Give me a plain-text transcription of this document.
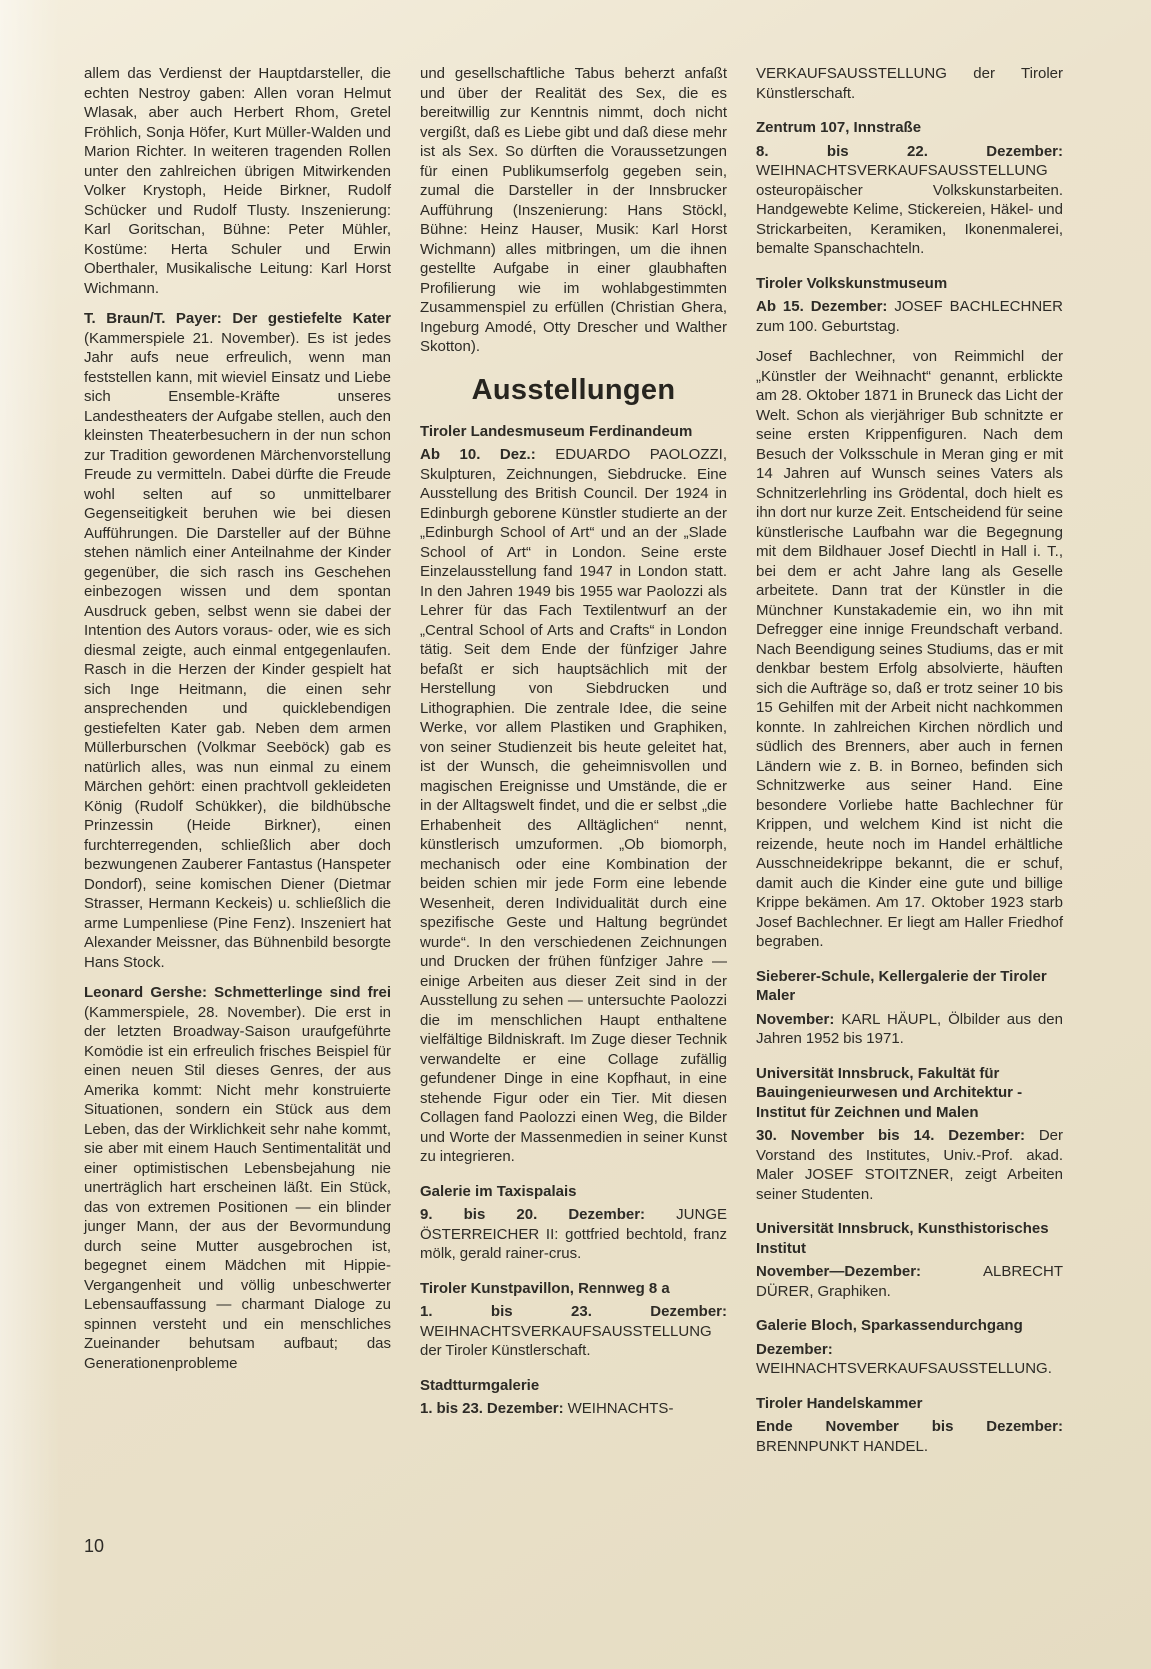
allem das Verdienst der Hauptdarsteller, die echten Nestroy gaben: Allen voran Helmut Wlasak, aber auch Herbert Rhom, Gretel Fröhlich, Sonja Höfer, Kurt Müller-Walden und Marion Richter. In weiteren tragenden Rollen unter den zahlreichen übrigen Mitwirkenden Volker Krystoph, Heide Birkner, Rudolf Schücker und Rudolf Tlusty. Inszenierung: Karl Goritschan, Bühne: Peter Mühler, Kostüme: Herta Schuler und Erwin Oberthaler, Musikalische Leitung: Karl Horst Wichmann.

T. Braun/T. Payer: Der gestiefelte Kater (Kammerspiele 21. November). Es ist jedes Jahr aufs neue erfreulich, wenn man feststellen kann, mit wieviel Einsatz und Liebe sich Ensemble-Kräfte unseres Landestheaters der Aufgabe stellen, auch den kleinsten Theaterbesuchern in der nun schon zur Tradition gewordenen Märchenvorstellung Freude zu vermitteln. Dabei dürfte die Freude wohl selten auf so unmittelbarer Gegenseitigkeit beruhen wie bei diesen Aufführungen. Die Darsteller auf der Bühne stehen nämlich einer Anteilnahme der Kinder gegenüber, die sich rasch ins Geschehen einbezogen wissen und dem spontan Ausdruck geben, selbst wenn sie dabei der Intention des Autors voraus- oder, wie es sich diesmal zeigte, auch einmal entgegenlaufen. Rasch in die Herzen der Kinder gespielt hat sich Inge Heitmann, die einen sehr ansprechenden und quicklebendigen gestiefelten Kater gab. Neben dem armen Müllerburschen (Volkmar Seeböck) gab es natürlich alles, was nun einmal zu einem Märchen gehört: einen prachtvoll gekleideten König (Rudolf Schükker), die bildhübsche Prinzessin (Heide Birkner), einen furchterregenden, schließlich aber doch bezwungenen Zauberer Fantastus (Hanspeter Dondorf), seine komischen Diener (Dietmar Strasser, Hermann Keckeis) u. schließlich die arme Lumpenliese (Pine Fenz). Inszeniert hat Alexander Meissner, das Bühnenbild besorgte Hans Stock.

Leonard Gershe: Schmetterlinge sind frei (Kammerspiele, 28. November). Die erst in der letzten Broadway-Saison uraufgeführte Komödie ist ein erfreulich frisches Beispiel für einen neuen Stil dieses Genres, der aus Amerika kommt: Nicht mehr konstruierte Situationen, sondern ein Stück aus dem Leben, das der Wirklichkeit sehr nahe kommt, sie aber mit einem Hauch Sentimentalität und einer optimistischen Lebensbejahung nie unerträglich hart erscheinen läßt. Ein Stück, das von extremen Positionen — ein blinder junger Mann, der aus der Bevormundung durch seine Mutter ausgebrochen ist, begegnet einem Mädchen mit Hippie-Vergangenheit und völlig unbeschwerter Lebensauffassung — charmant Dialoge zu spinnen versteht und ein menschliches Zueinander behutsam aufbaut; das Generationenprobleme

und gesellschaftliche Tabus beherzt anfaßt und über der Realität des Sex, die es bereitwillig zur Kenntnis nimmt, doch nicht vergißt, daß es Liebe gibt und daß diese mehr ist als Sex. So dürften die Voraussetzungen für einen Publikumserfolg gegeben sein, zumal die Darsteller in der Innsbrucker Aufführung (Inszenierung: Hans Stöckl, Bühne: Heinz Hauser, Musik: Karl Horst Wichmann) alles mitbringen, um die ihnen gestellte Aufgabe in einer glaubhaften Profilierung wie im wohlabgestimmten Zusammenspiel zu erfüllen (Christian Ghera, Ingeburg Amodé, Otty Drescher und Walther Skotton).

Ausstellungen

Tiroler Landesmuseum Ferdinandeum

Ab 10. Dez.: EDUARDO PAOLOZZI, Skulpturen, Zeichnungen, Siebdrucke. Eine Ausstellung des British Council. Der 1924 in Edinburgh geborene Künstler studierte an der „Edinburgh School of Art“ und an der „Slade School of Art“ in London. Seine erste Einzelausstellung fand 1947 in London statt. In den Jahren 1949 bis 1955 war Paolozzi als Lehrer für das Fach Textilentwurf an der „Central School of Arts and Crafts“ in London tätig. Seit dem Ende der fünfziger Jahre befaßt er sich hauptsächlich mit der Herstellung von Siebdrucken und Lithographien. Die zentrale Idee, die seine Werke, vor allem Plastiken und Graphiken, von seiner Studienzeit bis heute geleitet hat, ist der Wunsch, die geheimnisvollen und magischen Ereignisse und Umstände, die er in der Alltagswelt findet, und die er selbst „die Erhabenheit des Alltäglichen“ nennt, künstlerisch umzuformen. „Ob biomorph, mechanisch oder eine Kombination der beiden schien mir jede Form eine lebende Wesenheit, deren Individualität durch eine spezifische Geste und Haltung begründet wurde“. In den verschiedenen Zeichnungen und Drucken der frühen fünfziger Jahre — einige Arbeiten aus dieser Zeit sind in der Ausstellung zu sehen — untersuchte Paolozzi die im menschlichen Haupt enthaltene vielfältige Bildniskraft. Im Zuge dieser Technik verwandelte er eine Collage zufällig gefundener Dinge in eine Kopfhaut, in eine stehende Figur oder ein Tier. Mit diesen Collagen fand Paolozzi einen Weg, die Bilder und Worte der Massenmedien in seiner Kunst zu integrieren.

Galerie im Taxispalais

9. bis 20. Dezember: JUNGE ÖSTERREICHER II: gottfried bechtold, franz mölk, gerald rainer-crus.

Tiroler Kunstpavillon, Rennweg 8 a

1. bis 23. Dezember: WEIHNACHTSVERKAUFSAUSSTELLUNG der Tiroler Künstlerschaft.

Stadtturmgalerie

1. bis 23. Dezember: WEIHNACHTS-

VERKAUFSAUSSTELLUNG der Tiroler Künstlerschaft.

Zentrum 107, Innstraße

8. bis 22. Dezember: WEIHNACHTSVERKAUFSAUSSTELLUNG osteuropäischer Volkskunstarbeiten. Handgewebte Kelime, Stickereien, Häkel- und Strickarbeiten, Keramiken, Ikonenmalerei, bemalte Spanschachteln.

Tiroler Volkskunstmuseum

Ab 15. Dezember: JOSEF BACHLECHNER zum 100. Geburtstag.

Josef Bachlechner, von Reimmichl der „Künstler der Weihnacht“ genannt, erblickte am 28. Oktober 1871 in Bruneck das Licht der Welt. Schon als vierjähriger Bub schnitzte er seine ersten Krippenfiguren. Nach dem Besuch der Volksschule in Meran ging er mit 14 Jahren auf Wunsch seines Vaters als Schnitzerlehrling ins Grödental, doch hielt es ihn dort nur kurze Zeit. Entscheidend für seine künstlerische Laufbahn war die Begegnung mit dem Bildhauer Josef Diechtl in Hall i. T., bei dem er acht Jahre lang als Geselle arbeitete. Dann trat der Künstler in die Münchner Kunstakademie ein, wo ihn mit Defregger eine innige Freundschaft verband. Nach Beendigung seines Studiums, das er mit denkbar bestem Erfolg absolvierte, häuften sich die Aufträge so, daß er trotz seiner 10 bis 15 Gehilfen mit der Arbeit nicht nachkommen konnte. In zahlreichen Kirchen nördlich und südlich des Brenners, aber auch in fernen Ländern wie z. B. in Borneo, befinden sich Schnitzwerke aus seiner Hand. Eine besondere Vorliebe hatte Bachlechner für Krippen, und welchem Kind ist nicht die reizende, heute noch im Handel erhältliche Ausschneidekrippe bekannt, die er schuf, damit auch die Kinder eine gute und billige Krippe bekämen. Am 17. Oktober 1923 starb Josef Bachlechner. Er liegt am Haller Friedhof begraben.

Sieberer-Schule, Kellergalerie der Tiroler Maler

November: KARL HÄUPL, Ölbilder aus den Jahren 1952 bis 1971.

Universität Innsbruck, Fakultät für Bauingenieurwesen und Architektur - Institut für Zeichnen und Malen

30. November bis 14. Dezember: Der Vorstand des Institutes, Univ.-Prof. akad. Maler JOSEF STOITZNER, zeigt Arbeiten seiner Studenten.

Universität Innsbruck, Kunsthistorisches Institut

November—Dezember:	ALBRECHT DÜRER, Graphiken.

Galerie Bloch, Sparkassendurchgang

Dezember: WEIHNACHTSVERKAUFSAUSSTELLUNG.

Tiroler Handelskammer

Ende November bis Dezember: BRENNPUNKT HANDEL.

10
